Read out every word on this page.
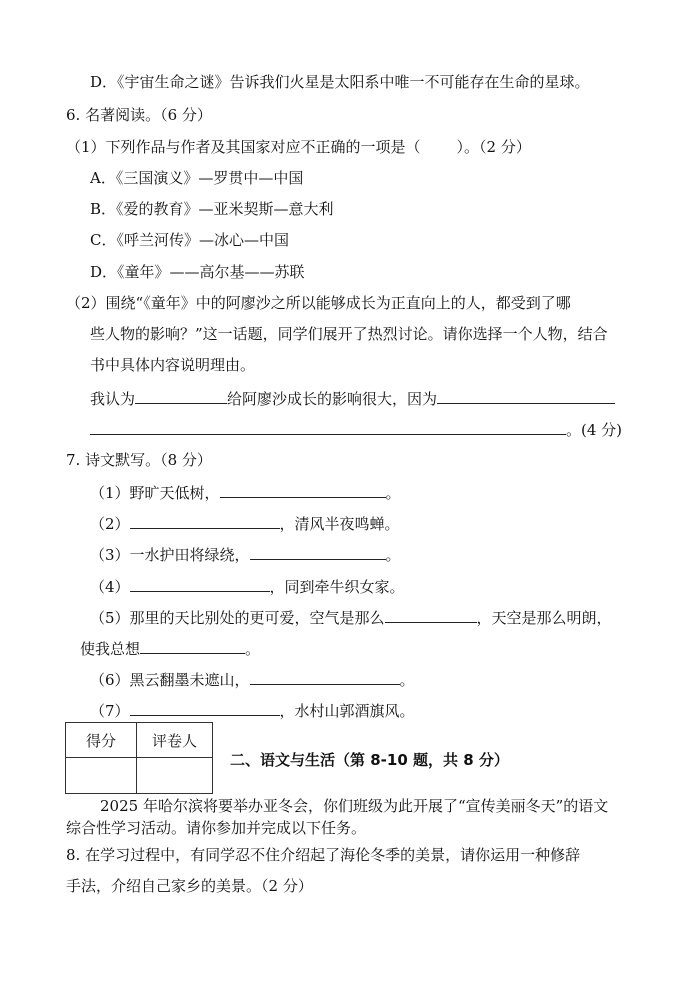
D．《宇宙生命之谜》告诉我们火星是太阳系中唯一不可能存在生命的星球。
6. 名著阅读。（6 分）
（1）下列作品与作者及其国家对应不正确的一项是（ ）。（2 分）
A．《三国演义》—罗贯中—中国
B．《爱的教育》—亚米契斯—意大利
C．《呼兰河传》—冰心—中国
D．《童年》——高尔基——苏联
（2）围绕“《童年》中的阿廖沙之所以能够成长为正直向上的人，都受到了哪
些人物的影响？”这一话题，同学们展开了热烈讨论。请你选择一个人物，结合
书中具体内容说明理由。
我认为	给阿廖沙成长的影响很大，因为
。(4 分)
7. 诗文默写。（8 分）
（1）野旷天低树，	。
（2）	，清风半夜鸣蝉。
（3）一水护田将绿绕，	。
（4）	，同到牵牛织女家。
（5）那里的天比别处的更可爱，空气是那么	，天空是那么明朗，
使我总想	。
（6）黑云翻墨未遮山，	。
（7）	，水村山郭酒旗风。
得分	评卷人

二、语文与生活（第 8-10 题，共 8 分）
2025 年哈尔滨将要举办亚冬会，你们班级为此开展了“宣传美丽冬天”的语文
综合性学习活动。请你参加并完成以下任务。
8. 在学习过程中，有同学忍不住介绍起了海伦冬季的美景，请你运用一种修辞
手法，介绍自己家乡的美景。（2 分）
